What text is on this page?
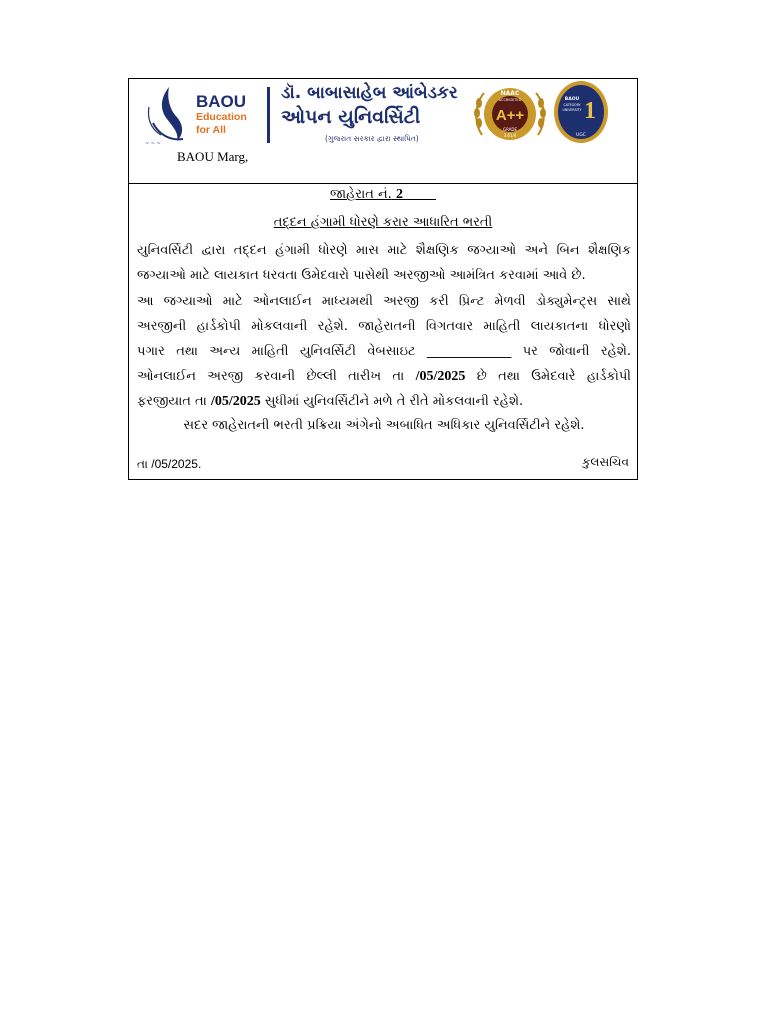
~ ~ ~
BAOU
Education
for All
ડૉ. બાબાસાહેબ આંબેડકર
ઓપન યુનિવર્સિટી
(ગુજરાત સરકાર દ્વારા સ્થાપિત)
NAAC
ACCREDITED
A++
GRADE
3.61/4
BAOU
CATEGORY
UNIVERSITY 1
UGC
BAOU Marg,
જાહેરાત નં. 2
તદ્દન હંગામી ધોરણે કરાર આધારિત ભરતી
યુનિવર્સિટી દ્વારા તદ્દન હંગામી ધોરણે માસ માટે શૈક્ષણિક જગ્યાઓ અને બિન શૈક્ષણિક
જગ્યાઓ માટે લાયકાત ધરવતા ઉમેદવારો પાસેથી અરજીઓ આમંત્રિત કરવામાં આવે છે.
આ જગ્યાઓ માટે ઓનલાઈન માધ્યમથી અરજી કરી પ્રિન્ટ મેળવી ડોક્યુમેન્ટ્સ સાથે
અરજીની હાર્ડકોપી મોકલવાની રહેશે. જાહેરાતની વિગતવાર માહિતી લાયકાતના ધોરણો
પગાર તથા અન્ય માહિતી યુનિવર્સિટી વેબસાઇટ _____________ પર જોવાની રહેશે.
ઓનલાઈન અરજી કરવાની છેલ્લી તારીખ તા /05/2025 છે તથા ઉમેદવારે હાર્ડકોપી
ફરજીયાત તા /05/2025 સુધીમાં યુનિવર્સિટીને મળે તે રીતે મોકલવાની રહેશે.
સદર જાહેરાતની ભરતી પ્રક્રિયા અંગેનો અબાધિત અધિકાર યુનિવર્સિટીને રહેશે.
તા /05/2025.	કુલસચિવ
